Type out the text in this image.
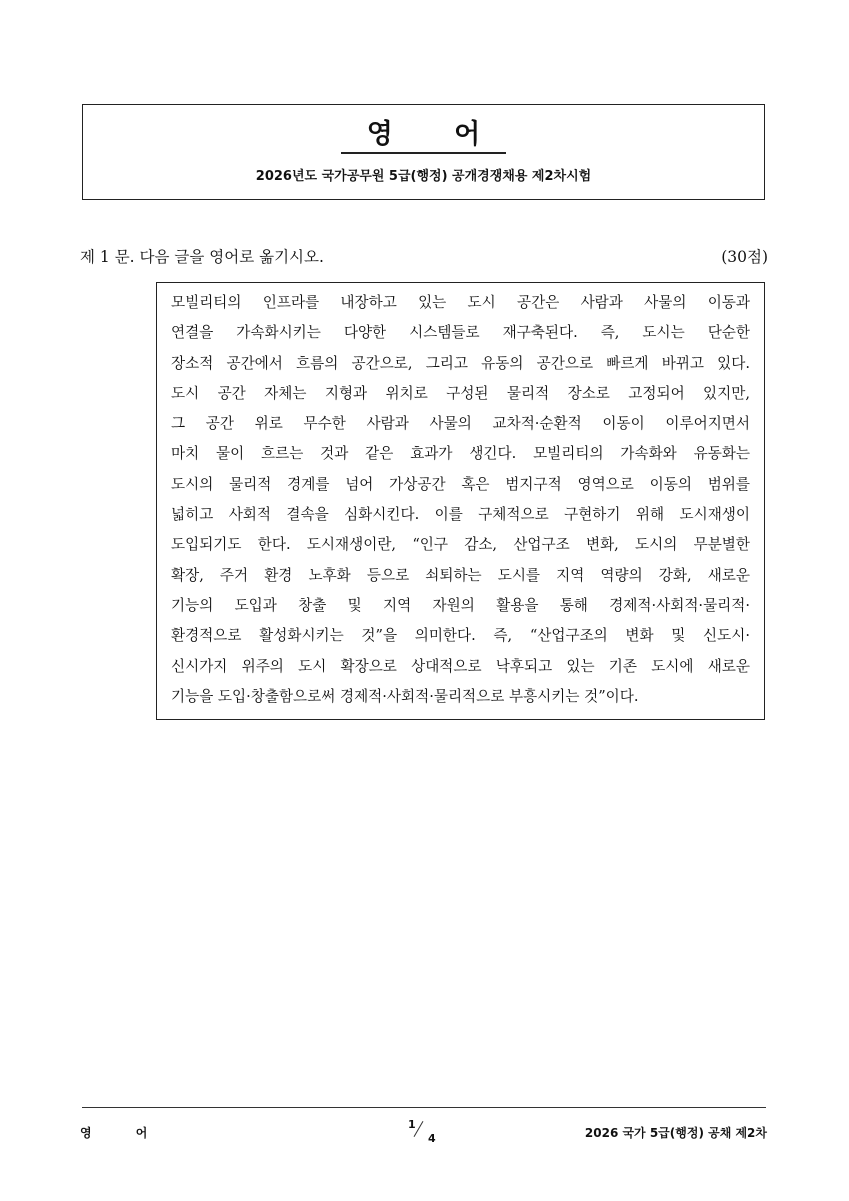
영 어
2026년도 국가공무원 5급(행정) 공개경쟁채용 제2차시험
제 1 문. 다음 글을 영어로 옮기시오.	(30점)
모빌리티의 인프라를 내장하고 있는 도시 공간은 사람과 사물의 이동과
연결을 가속화시키는 다양한 시스템들로 재구축된다. 즉, 도시는 단순한
장소적 공간에서 흐름의 공간으로, 그리고 유동의 공간으로 빠르게 바뀌고 있다.
도시 공간 자체는 지형과 위치로 구성된 물리적 장소로 고정되어 있지만,
그 공간 위로 무수한 사람과 사물의 교차적·순환적 이동이 이루어지면서
마치 물이 흐르는 것과 같은 효과가 생긴다. 모빌리티의 가속화와 유동화는
도시의 물리적 경계를 넘어 가상공간 혹은 범지구적 영역으로 이동의 범위를
넓히고 사회적 결속을 심화시킨다. 이를 구체적으로 구현하기 위해 도시재생이
도입되기도 한다. 도시재생이란, “인구 감소, 산업구조 변화, 도시의 무분별한
확장, 주거 환경 노후화 등으로 쇠퇴하는 도시를 지역 역량의 강화, 새로운
기능의 도입과 창출 및 지역 자원의 활용을 통해 경제적·사회적·물리적·
환경적으로 활성화시키는 것”을 의미한다. 즉, “산업구조의 변화 및 신도시·
신시가지 위주의 도시 확장으로 상대적으로 낙후되고 있는 기존 도시에 새로운
기능을 도입·창출함으로써 경제적·사회적·물리적으로 부흥시키는 것”이다.
영 어
1
4	2026 국가 5급(행정) 공채 제2차
